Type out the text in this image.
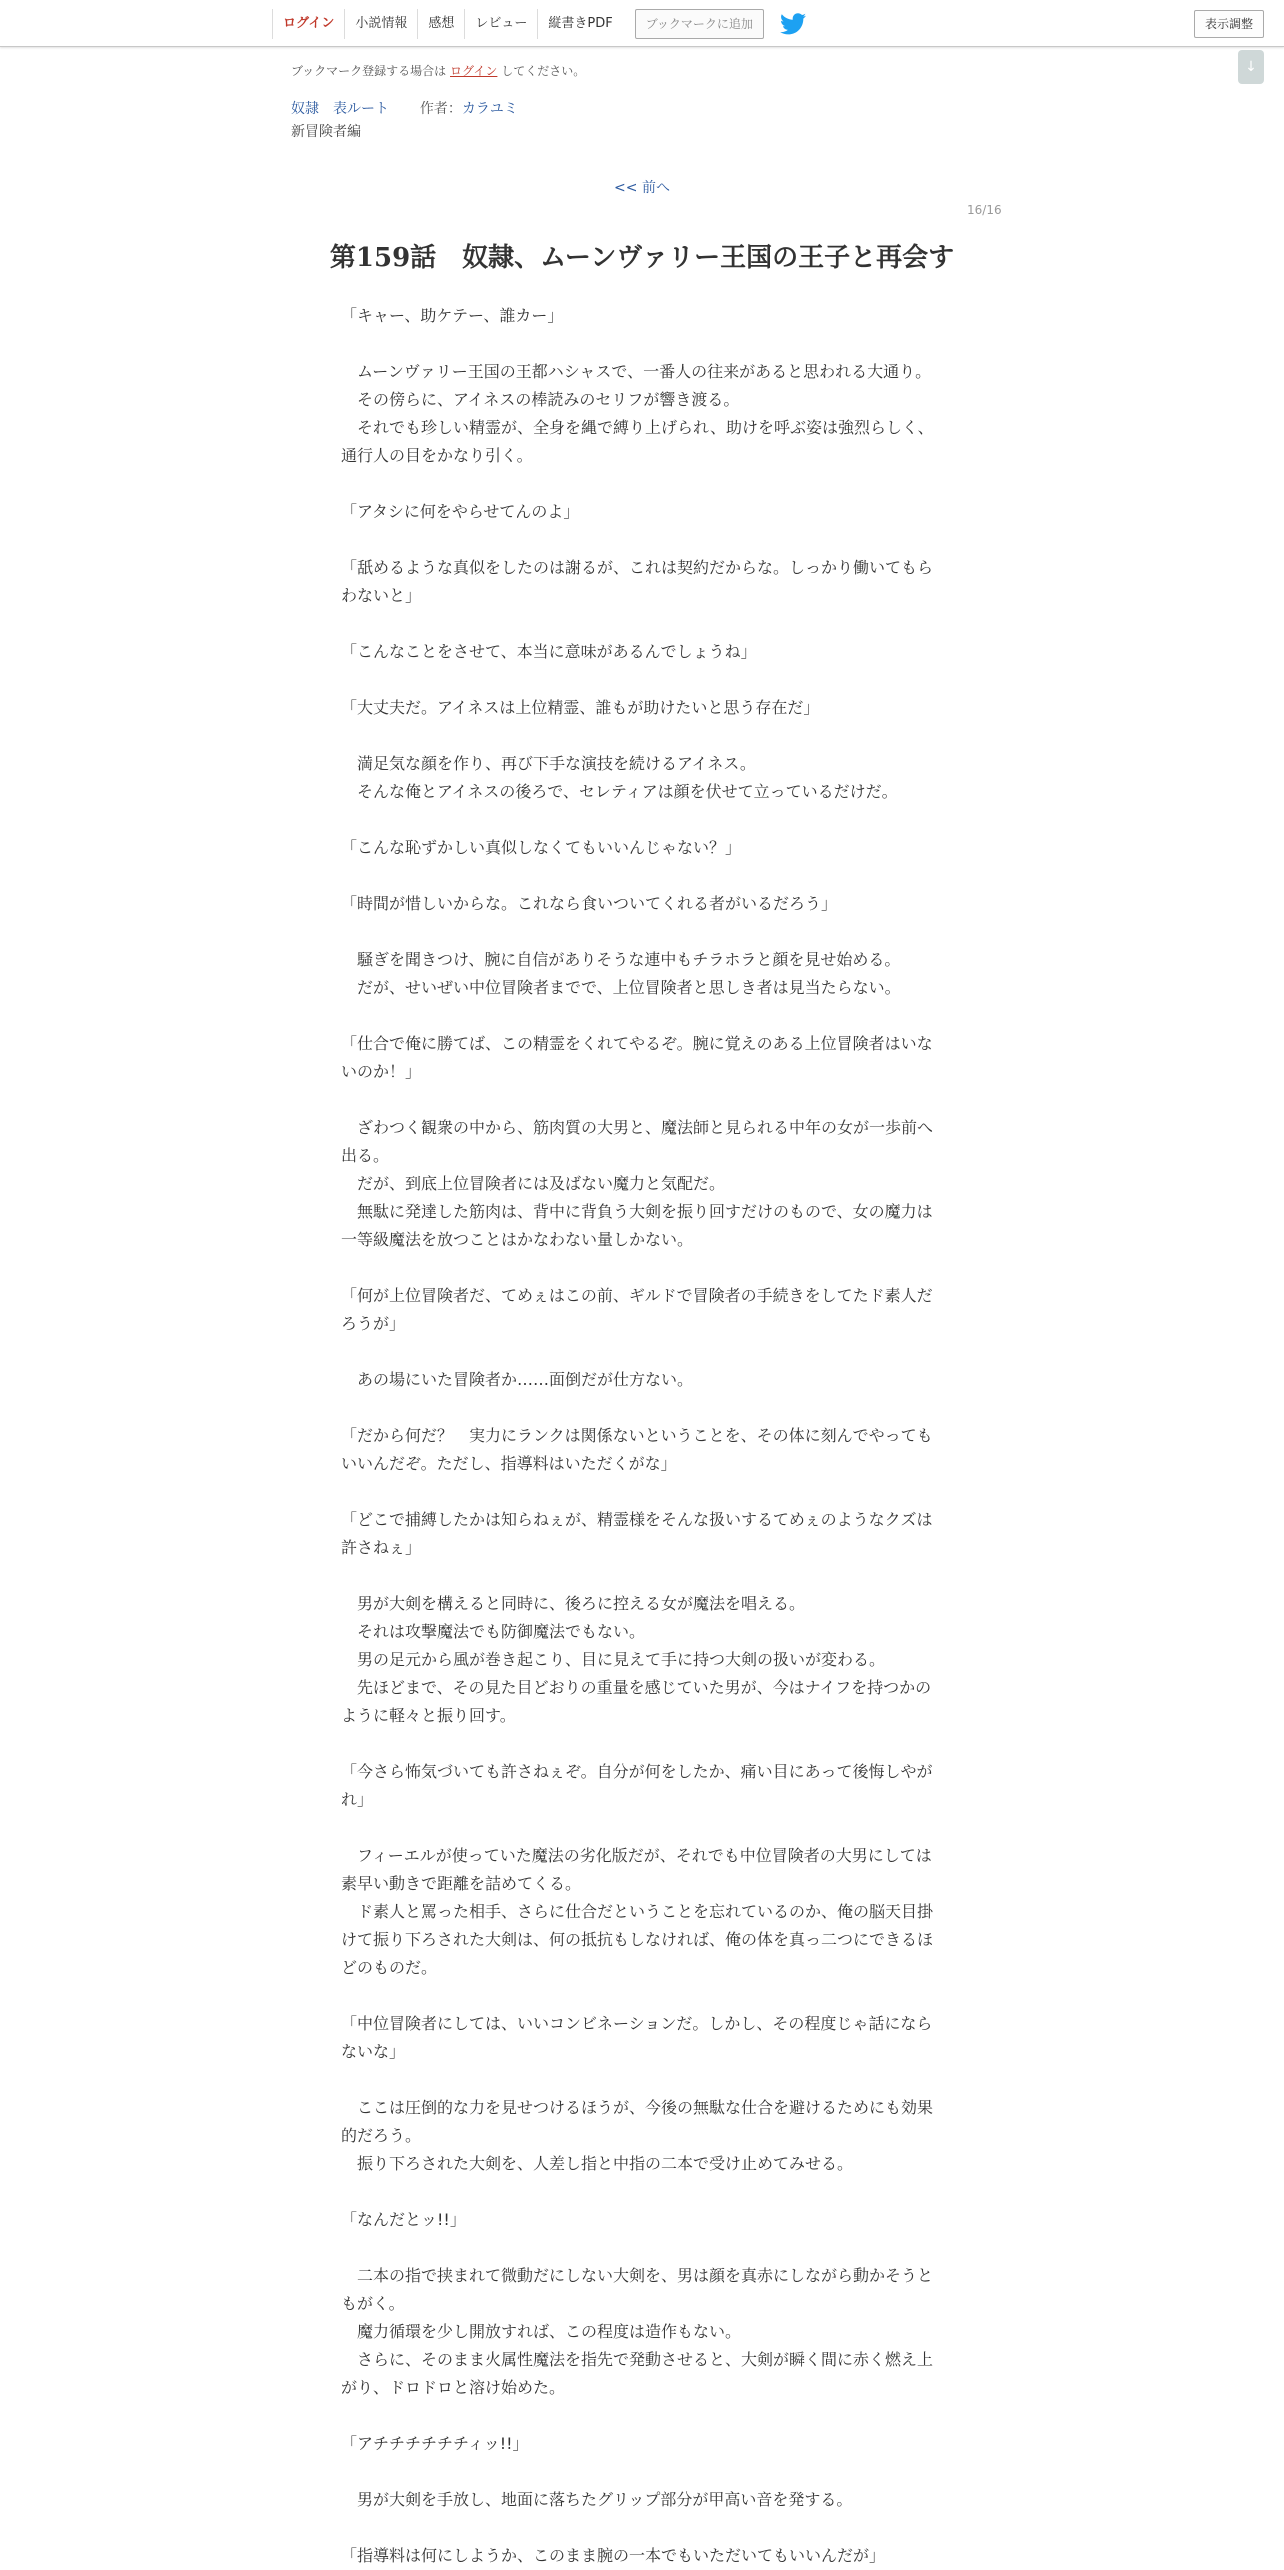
ログイン	小説情報	感想	レビュー	縦書きPDF	ブックマークに追加	表示調整
↓
ブックマーク登録する場合は ログイン してください。
奴隷　表ルート 作者：カラユミ
新冒険者編
<< 前へ
16/16
第159話　奴隷、ムーンヴァリー王国の王子と再会す

「キャー、助ケテー、誰カー」

　ムーンヴァリー王国の王都ハシャスで、一番人の往来があると思われる大通り。

　その傍らに、アイネスの棒読みのセリフが響き渡る。

　それでも珍しい精霊が、全身を縄で縛り上げられ、助けを呼ぶ姿は強烈らしく、通行人の目をかなり引く。

「アタシに何をやらせてんのよ」

「舐めるような真似をしたのは謝るが、これは契約だからな。しっかり働いてもらわないと」

「こんなことをさせて、本当に意味があるんでしょうね」

「大丈夫だ。アイネスは上位精霊、誰もが助けたいと思う存在だ」

　満足気な顔を作り、再び下手な演技を続けるアイネス。

　そんな俺とアイネスの後ろで、セレティアは顔を伏せて立っているだけだ。

「こんな恥ずかしい真似しなくてもいいんじゃない？」

「時間が惜しいからな。これなら食いついてくれる者がいるだろう」

　騒ぎを聞きつけ、腕に自信がありそうな連中もチラホラと顔を見せ始める。

　だが、せいぜい中位冒険者までで、上位冒険者と思しき者は見当たらない。

「仕合で俺に勝てば、この精霊をくれてやるぞ。腕に覚えのある上位冒険者はいないのか！」

　ざわつく観衆の中から、筋肉質の大男と、魔法師と見られる中年の女が一歩前へ出る。

　だが、到底上位冒険者には及ばない魔力と気配だ。

　無駄に発達した筋肉は、背中に背負う大剣を振り回すだけのもので、女の魔力は一等級魔法を放つことはかなわない量しかない。

「何が上位冒険者だ、てめぇはこの前、ギルドで冒険者の手続きをしてたド素人だろうが」

　あの場にいた冒険者か……面倒だが仕方ない。

「だから何だ？　実力にランクは関係ないということを、その体に刻んでやってもいいんだぞ。ただし、指導料はいただくがな」

「どこで捕縛したかは知らねぇが、精霊様をそんな扱いするてめぇのようなクズは許さねぇ」

　男が大剣を構えると同時に、後ろに控える女が魔法を唱える。

　それは攻撃魔法でも防御魔法でもない。

　男の足元から風が巻き起こり、目に見えて手に持つ大剣の扱いが変わる。

　先ほどまで、その見た目どおりの重量を感じていた男が、今はナイフを持つかのように軽々と振り回す。

「今さら怖気づいても許さねぇぞ。自分が何をしたか、痛い目にあって後悔しやがれ」

　フィーエルが使っていた魔法の劣化版だが、それでも中位冒険者の大男にしては素早い動きで距離を詰めてくる。

　ド素人と罵った相手、さらに仕合だということを忘れているのか、俺の脳天目掛けて振り下ろされた大剣は、何の抵抗もしなければ、俺の体を真っ二つにできるほどのものだ。

「中位冒険者にしては、いいコンビネーションだ。しかし、その程度じゃ話にならないな」

　ここは圧倒的な力を見せつけるほうが、今後の無駄な仕合を避けるためにも効果的だろう。

　振り下ろされた大剣を、人差し指と中指の二本で受け止めてみせる。

「なんだとッ!!」

　二本の指で挟まれて微動だにしない大剣を、男は顔を真赤にしながら動かそうともがく。

　魔力循環を少し開放すれば、この程度は造作もない。

　さらに、そのまま火属性魔法を指先で発動させると、大剣が瞬く間に赤く燃え上がり、ドロドロと溶け始めた。

「アチチチチチチィッ!!」

　男が大剣を手放し、地面に落ちたグリップ部分が甲高い音を発する。

「指導料は何にしようか、このまま腕の一本でもいただいてもいいんだが」
